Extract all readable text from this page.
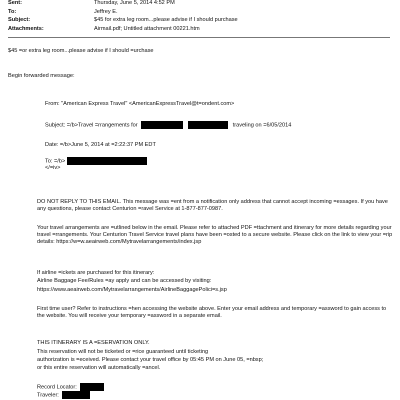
Sent:	Thursday, June 5, 2014 4:52 PM
To:	Jeffrey E.
Subject:	$45 for extra leg room...please advise if I should purchase
Attachments:	Airmail.pdf; Untitled attachment 00221.htm
$45 =or extra leg room...please advise if I should =urchase
Begin forwarded message:
From: "American Express Travel" <AmericanExpressTravel@t=ondent.com>
Subject: =/b>Travel =rrangements for	traveling on =6/05/2014
Date: =/b>June 5, 2014 at =2:22:37 PM EDT
To: =/b>
</=iv>
DO NOT REPLY TO THIS EMAIL. This message was =ent from a notification only address that cannot accept incoming =essages. If you have any questions, please contact Centurion =ravel Service at 1-877-877-0987.
Your travel arrangements are =utlined below in the email. Please refer to attached PDF =ttachment and itinerary for more details regarding your travel =rrangements. Your Centurion Travel Service travel plans have been =osted to a secure website. Please click on the link to view your =rip details: https://w=w.aeairweb.com/Mytravelarrangements/index.jsp
If airline =ickets are purchased for this itinerary:
Airline Baggage Fee/Rules =ay apply and can be accessed by visiting:
https://www.aeairweb.com/Mytravelarrangements/AirlineBaggagePolici=s.jsp
First time user? Refer to instructions =hen accessing the website above. Enter your email address and temporary =assword to gain access to the website. You will receive your temporary =assword in a separate email.
THIS ITINERARY IS A =ESERVATION ONLY.
This reservation will not be ticketed or =rice guaranteed until ticketing
authorization is =eceived. Please contact your travel office by 05:45 PM on June 05, =nbsp;
or this entire reservation will automatically =ancel.
Record Locator:
Traveler:
